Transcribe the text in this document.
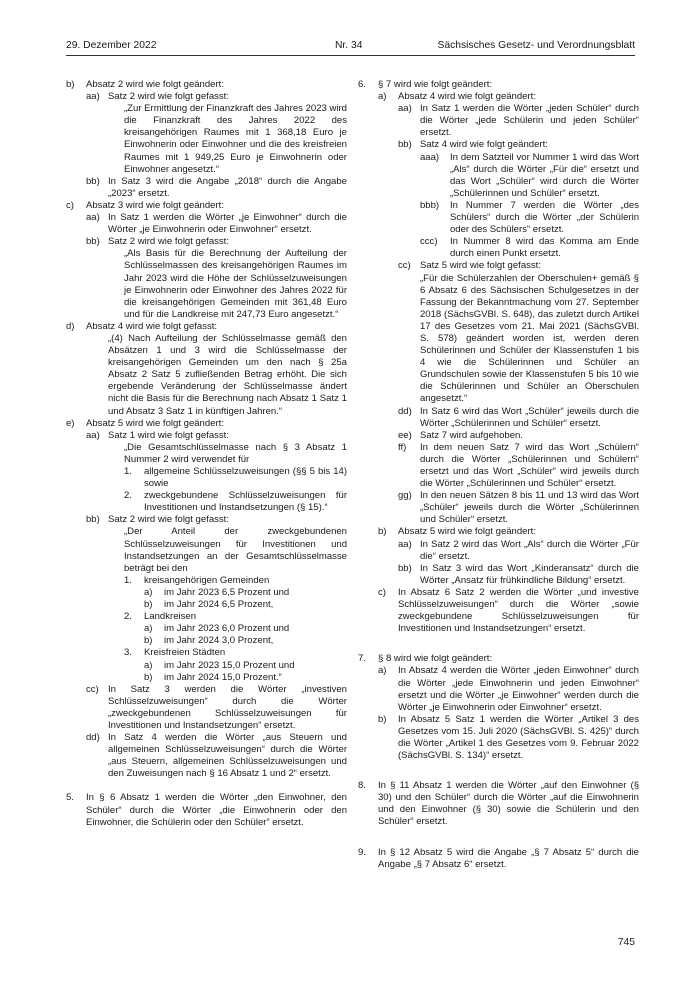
29. Dezember 2022	Nr. 34	Sächsisches Gesetz- und Verordnungsblatt
b) Absatz 2 wird wie folgt geändert:
aa) Satz 2 wird wie folgt gefasst:
„Zur Ermittlung der Finanzkraft des Jahres 2023 wird die Finanzkraft des Jahres 2022 des kreisangehörigen Raumes mit 1 368,18 Euro je Einwohnerin oder Einwohner und die des kreisfreien Raumes mit 1 949,25 Euro je Einwohnerin oder Einwohner angesetzt.“
bb) In Satz 3 wird die Angabe „2018“ durch die Angabe „2023“ ersetzt.
c) Absatz 3 wird wie folgt geändert:
aa) In Satz 1 werden die Wörter „je Einwohner“ durch die Wörter „je Einwohnerin oder Einwohner“ ersetzt.
bb) Satz 2 wird wie folgt gefasst:
„Als Basis für die Berechnung der Aufteilung der Schlüsselmassen des kreisangehörigen Raumes im Jahr 2023 wird die Höhe der Schlüsselzuweisungen je Einwohnerin oder Einwohner des Jahres 2022 für die kreisangehörigen Gemeinden mit 361,48 Euro und für die Landkreise mit 247,73 Euro angesetzt.“
d) Absatz 4 wird wie folgt gefasst:
„(4) Nach Aufteilung der Schlüsselmasse gemäß den Absätzen 1 und 3 wird die Schlüsselmasse der kreisangehörigen Gemeinden um den nach § 25a Absatz 2 Satz 5 zufließenden Betrag erhöht. Die sich ergebende Veränderung der Schlüsselmasse ändert nicht die Basis für die Berechnung nach Absatz 1 Satz 1 und Absatz 3 Satz 1 in künftigen Jahren.“
e) Absatz 5 wird wie folgt geändert:
aa) Satz 1 wird wie folgt gefasst:
„Die Gesamtschlüsselmasse nach § 3 Absatz 1 Nummer 2 wird verwendet für
1. allgemeine Schlüsselzuweisungen (§§ 5 bis 14) sowie
2. zweckgebundene Schlüsselzuweisungen für Investitionen und Instandsetzungen (§ 15).“
bb) Satz 2 wird wie folgt gefasst:
„Der Anteil der zweckgebundenen Schlüsselzuweisungen für Investitionen und Instandsetzungen an der Gesamtschlüsselmasse beträgt bei den
1. kreisangehörigen Gemeinden
a) im Jahr 2023 6,5 Prozent und
b) im Jahr 2024 6,5 Prozent,
2. Landkreisen
a) im Jahr 2023 6,0 Prozent und
b) im Jahr 2024 3,0 Prozent,
3. Kreisfreien Städten
a) im Jahr 2023 15,0 Prozent und
b) im Jahr 2024 15,0 Prozent.“
cc) In Satz 3 werden die Wörter „investiven Schlüsselzuweisungen“ durch die Wörter „zweckgebundenen Schlüsselzuweisungen für Investitionen und Instandsetzungen“ ersetzt.
dd) In Satz 4 werden die Wörter „aus Steuern und allgemeinen Schlüsselzuweisungen“ durch die Wörter „aus Steuern, allgemeinen Schlüsselzuweisungen und den Zuweisungen nach § 16 Absatz 1 und 2“ ersetzt.
5. In § 6 Absatz 1 werden die Wörter „den Einwohner, den Schüler“ durch die Wörter „die Einwohnerin oder den Einwohner, die Schülerin oder den Schüler“ ersetzt.
6. § 7 wird wie folgt geändert:
a) Absatz 4 wird wie folgt geändert:
aa) In Satz 1 werden die Wörter „jeden Schüler“ durch die Wörter „jede Schülerin und jeden Schüler“ ersetzt.
bb) Satz 4 wird wie folgt geändert:
aaa) In dem Satzteil vor Nummer 1 wird das Wort „Als“ durch die Wörter „Für die“ ersetzt und das Wort „Schüler“ wird durch die Wörter „Schülerinnen und Schüler“ ersetzt.
bbb) In Nummer 7 werden die Wörter „des Schülers“ durch die Wörter „der Schülerin oder des Schülers“ ersetzt.
ccc) In Nummer 8 wird das Komma am Ende durch einen Punkt ersetzt.
cc) Satz 5 wird wie folgt gefasst:
„Für die Schülerzahlen der Oberschulen+ gemäß § 6 Absatz 6 des Sächsischen Schulgesetzes in der Fassung der Bekanntmachung vom 27. September 2018 (SächsGVBl. S. 648), das zuletzt durch Artikel 17 des Gesetzes vom 21. Mai 2021 (SächsGVBl. S. 578) geändert worden ist, werden deren Schülerinnen und Schüler der Klassenstufen 1 bis 4 wie die Schülerinnen und Schüler an Grundschulen sowie der Klassenstufen 5 bis 10 wie die Schülerinnen und Schüler an Oberschulen angesetzt.“
dd) In Satz 6 wird das Wort „Schüler“ jeweils durch die Wörter „Schülerinnen und Schüler“ ersetzt.
ee) Satz 7 wird aufgehoben.
ff) In dem neuen Satz 7 wird das Wort „Schülern“ durch die Wörter „Schülerinnen und Schülern“ ersetzt und das Wort „Schüler“ wird jeweils durch die Wörter „Schülerinnen und Schüler“ ersetzt.
gg) In den neuen Sätzen 8 bis 11 und 13 wird das Wort „Schüler“ jeweils durch die Wörter „Schülerinnen und Schüler“ ersetzt.
b) Absatz 5 wird wie folgt geändert:
aa) In Satz 2 wird das Wort „Als“ durch die Wörter „Für die“ ersetzt.
bb) In Satz 3 wird das Wort „Kinderansatz“ durch die Wörter „Ansatz für frühkindliche Bildung“ ersetzt.
c) In Absatz 6 Satz 2 werden die Wörter „und investive Schlüsselzuweisungen“ durch die Wörter „sowie zweckgebundene Schlüsselzuweisungen für Investitionen und Instandsetzungen“ ersetzt.
7. § 8 wird wie folgt geändert:
a) In Absatz 4 werden die Wörter „jeden Einwohner“ durch die Wörter „jede Einwohnerin und jeden Einwohner“ ersetzt und die Wörter „je Einwohner“ werden durch die Wörter „je Einwohnerin oder Einwohner“ ersetzt.
b) In Absatz 5 Satz 1 werden die Wörter „Artikel 3 des Gesetzes vom 15. Juli 2020 (SächsGVBl. S. 425)“ durch die Wörter „Artikel 1 des Gesetzes vom 9. Februar 2022 (SächsGVBl. S. 134)“ ersetzt.
8. In § 11 Absatz 1 werden die Wörter „auf den Einwohner (§ 30) und den Schüler“ durch die Wörter „auf die Einwohnerin und den Einwohner (§ 30) sowie die Schülerin und den Schüler“ ersetzt.
9. In § 12 Absatz 5 wird die Angabe „§ 7 Absatz 5“ durch die Angabe „§ 7 Absatz 6“ ersetzt.
745
